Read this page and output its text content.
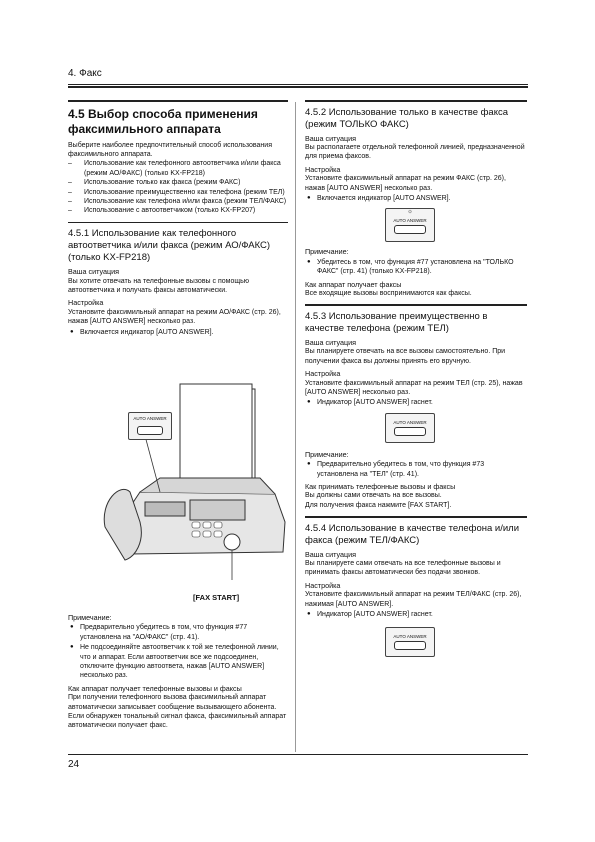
4. Факс
4.5 Выбор способа применения факсимильного аппарата

Выберите наиболее предпочтительный способ использования факсимильного аппарата.

– Использование как телефонного автоответчика и/или факса (режим АО/ФАКС) (только KX-FP218)
– Использование только как факса (режим ФАКС)
– Использование преимущественно как телефона (режим ТЕЛ)
– Использование как телефона и/или факса (режим ТЕЛ/ФАКС)
– Использование с автоответчиком (только KX-FP207)
4.5.1 Использование как телефонного автоответчика и/или факса (режим АО/ФАКС) (только KX-FP218)
Ваша ситуация

Вы хотите отвечать на телефонные вызовы с помощью автоответчика и получать факсы автоматически.

Настройка

Установите факсимильный аппарат на режим АО/ФАКС (стр. 26), нажав [AUTO ANSWER] несколько раз.

● Включается индикатор [AUTO ANSWER].
AUTO ANSWER
[FAX START]
Примечание:
● Предварительно убедитесь в том, что функция #77 установлена на "АО/ФАКС" (стр. 41).
● Не подсоединяйте автоответчик к той же телефонной линии, что и аппарат. Если автоответчик все же подсоединен, отключите функцию автоответа, нажав [AUTO ANSWER] несколько раз.
Как аппарат получает телефонные вызовы и факсы

При получении телефонного вызова факсимильный аппарат автоматически записывает сообщение вызывающего абонента.

Если обнаружен тональный сигнал факса, факсимильный аппарат автоматически получает факс.

4.5.2 Использование только в качестве факса (режим ТОЛЬКО ФАКС)
Ваша ситуация

Вы располагаете отдельной телефонной линией, предназначенной для приема факсов.

Настройка

Установите факсимильный аппарат на режим ФАКС (стр. 26), нажав [AUTO ANSWER] несколько раз.

● Включается индикатор [AUTO ANSWER].
☼
AUTO ANSWER
Примечание:
● Убедитесь в том, что функция #77 установлена на "ТОЛЬКО ФАКС" (стр. 41) (только KX-FP218).
Как аппарат получает факсы

Все входящие вызовы воспринимаются как факсы.

4.5.3 Использование преимущественно в качестве телефона (режим ТЕЛ)
Ваша ситуация

Вы планируете отвечать на все вызовы самостоятельно. При получении факса вы должны принять его вручную.

Настройка

Установите факсимильный аппарат на режим ТЕЛ (стр. 25), нажав [AUTO ANSWER] несколько раз.

● Индикатор [AUTO ANSWER] гаснет.
AUTO ANSWER
Примечание:
● Предварительно убедитесь в том, что функция #73 установлена на "ТЕЛ" (стр. 41).
Как принимать телефонные вызовы и факсы

Вы должны сами отвечать на все вызовы.

Для получения факса нажмите [FAX START].

4.5.4 Использование в качестве телефона и/или факса (режим ТЕЛ/ФАКС)
Ваша ситуация

Вы планируете сами отвечать на все телефонные вызовы и принимать факсы автоматически без подачи звонков.

Настройка

Установите факсимильный аппарат на режим ТЕЛ/ФАКС (стр. 26), нажимая [AUTO ANSWER].

● Индикатор [AUTO ANSWER] гаснет.
AUTO ANSWER
24
